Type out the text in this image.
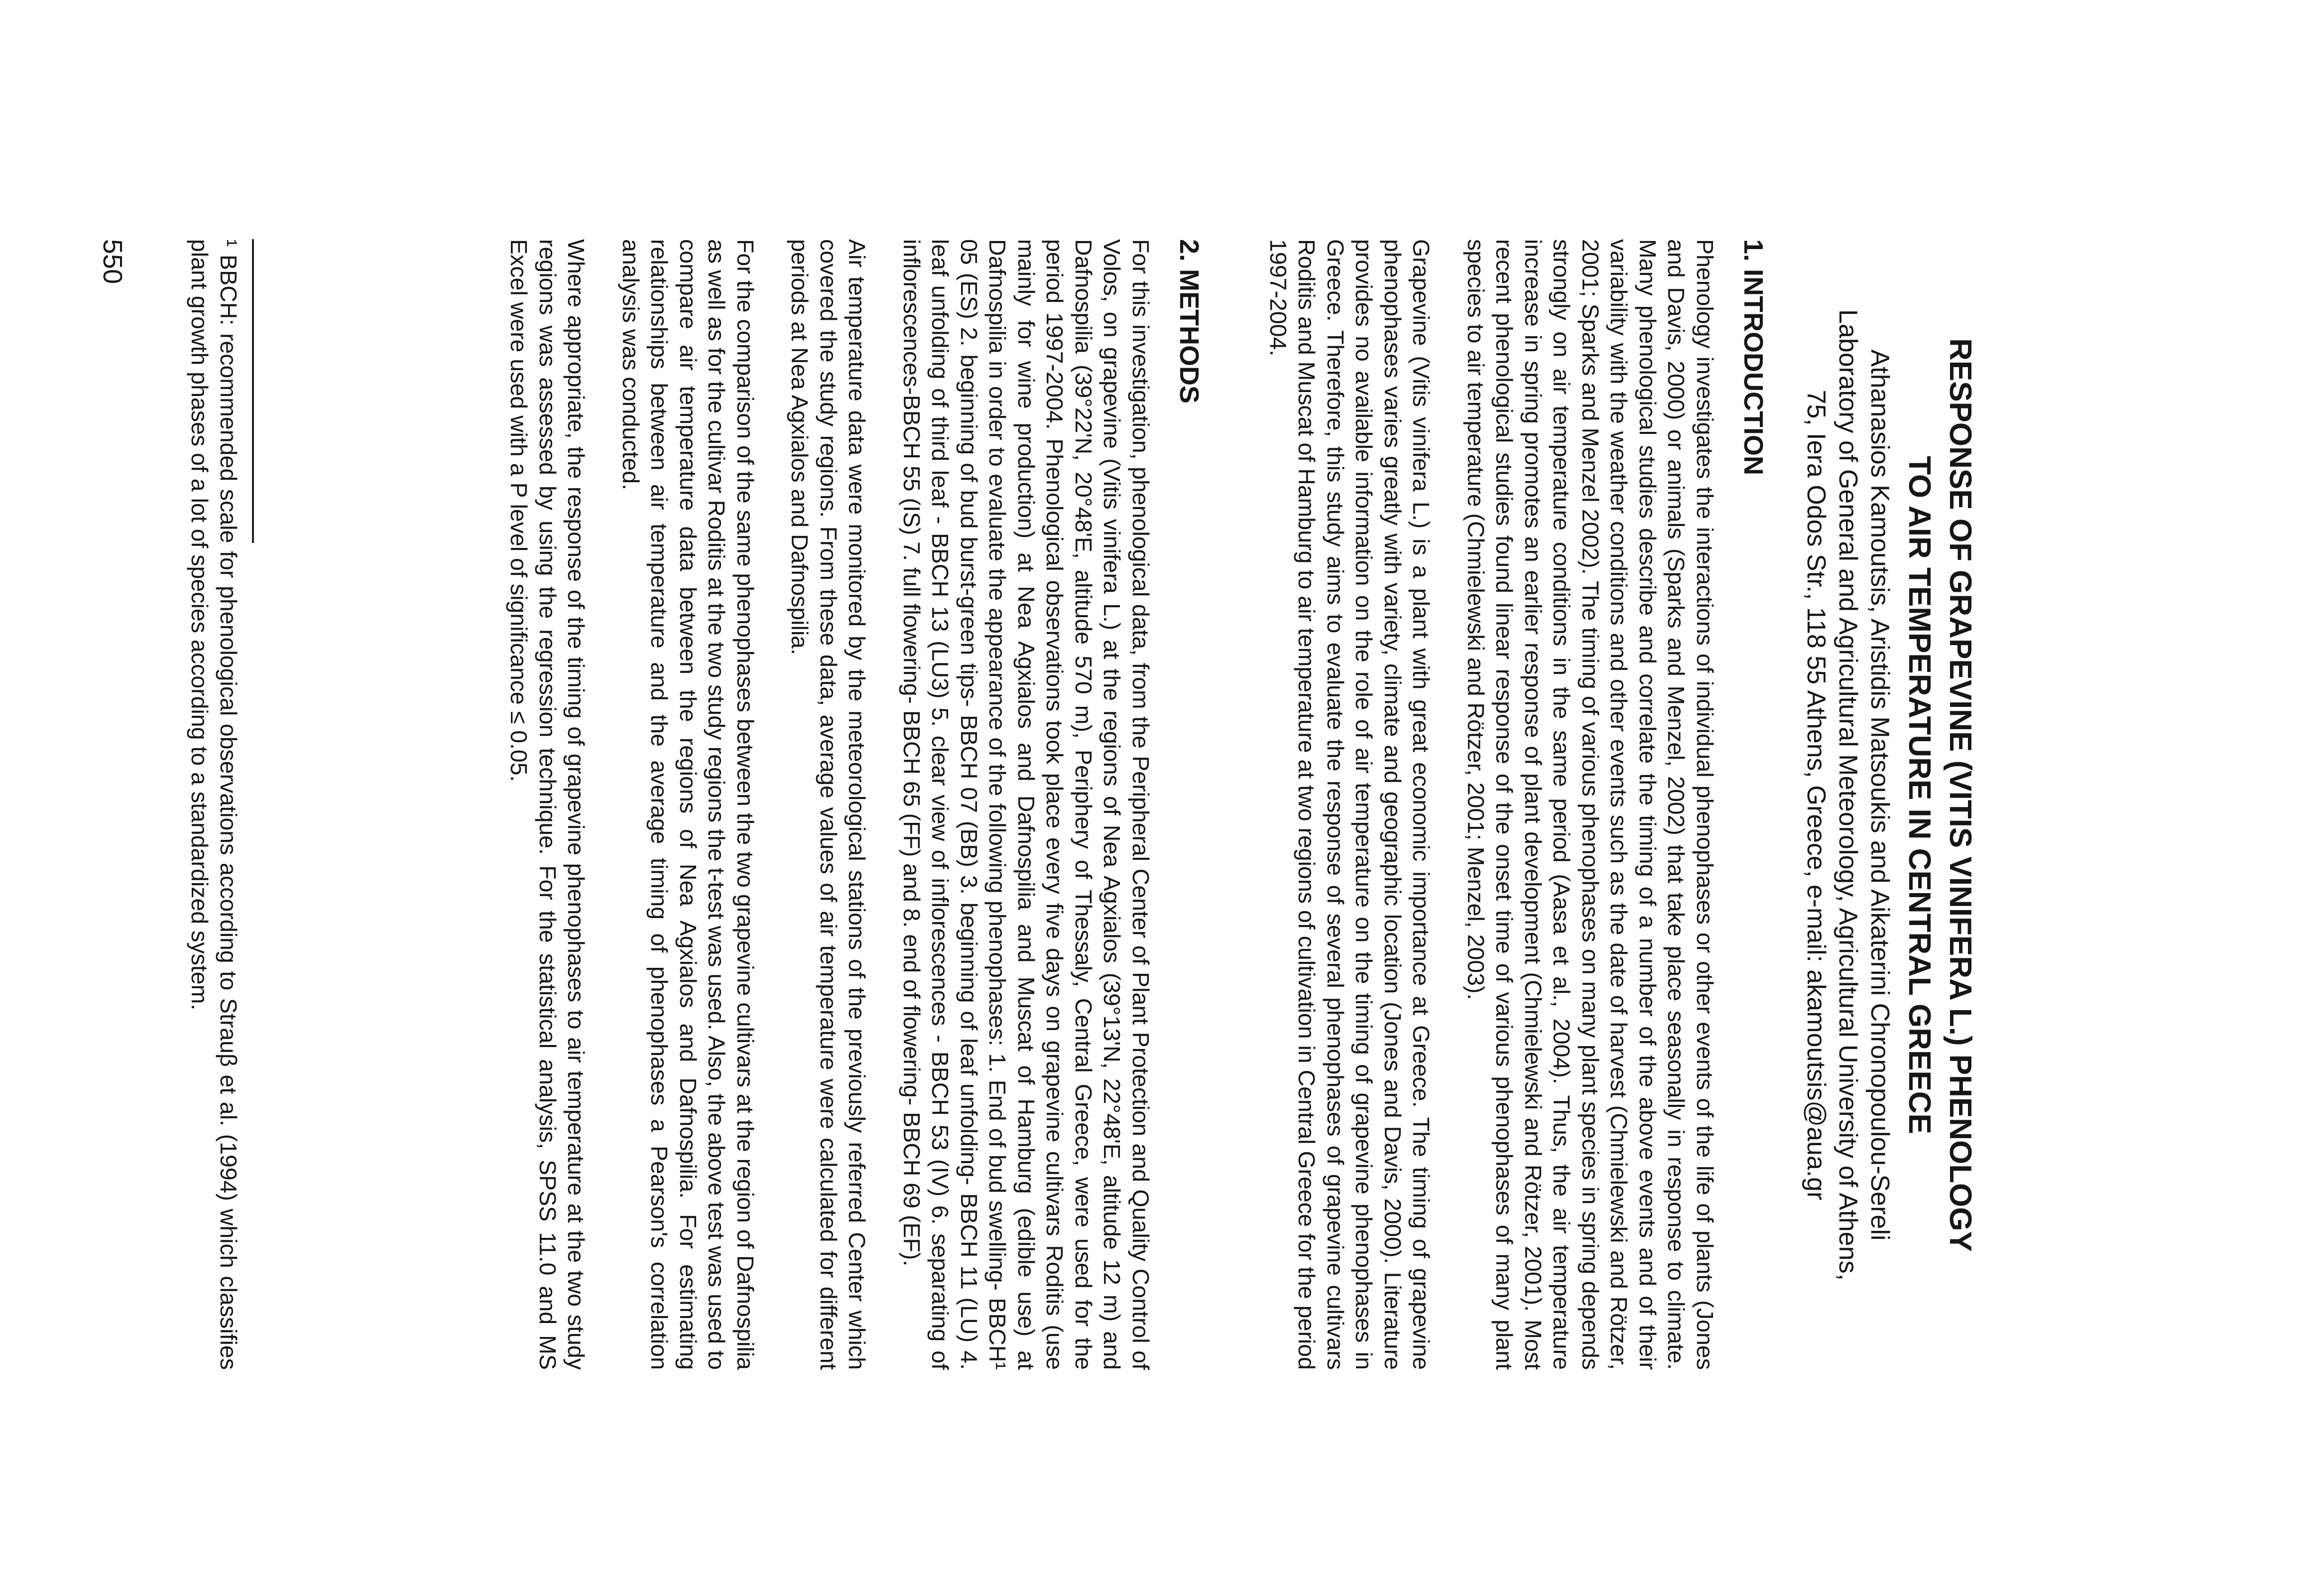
RESPONSE OF GRAPEVINE (VITIS VINIFERA L.) PHENOLOGY
TO AIR TEMPERATURE IN CENTRAL GREECE
Athanasios Kamoutsis, Aristidis Matsoukis and Aikaterini Chronopoulou-Sereli
Laboratory of General and Agricultural Meteorology, Agricultural University of Athens,
75, Iera Odos Str., 118 55 Athens, Greece, e-mail: akamoutsis@aua.gr
1. INTRODUCTION

Phenology investigates the interactions of individual phenophases or other events of the life of plants (Jones and Davis, 2000) or animals (Sparks and Menzel, 2002) that take place seasonally in response to climate. Many phenological studies describe and correlate the timing of a number of the above events and of their variability with the weather conditions and other events such as the date of harvest (Chmielewski and Rötzer, 2001; Sparks and Menzel 2002). The timing of various phenophases on many plant species in spring depends strongly on air temperature conditions in the same period (Aasa et al., 2004). Thus, the air temperature increase in spring promotes an earlier response of plant development (Chmielewski and Rötzer, 2001). Most recent phenological studies found linear response of the onset time of various phenophases of many plant species to air temperature (Chmielewski and Rötzer, 2001; Menzel, 2003).

Grapevine (Vitis vinifera L.) is a plant with great economic importance at Greece. The timing of grapevine phenophases varies greatly with variety, climate and geographic location (Jones and Davis, 2000). Literature provides no available information on the role of air temperature on the timing of grapevine phenophases in Greece. Therefore, this study aims to evaluate the response of several phenophases of grapevine cultivars Roditis and Muscat of Hamburg to air temperature at two regions of cultivation in Central Greece for the period 1997-2004.

2. METHODS

For this investigation, phenological data, from the Peripheral Center of Plant Protection and Quality Control of Volos, on grapevine (Vitis vinifera L.) at the regions of Nea Agxialos (39°13'N, 22°48'E, altitude 12 m) and Dafnospilia (39°22'N, 20°48'E, altitude 570 m), Periphery of Thessaly, Central Greece, were used for the period 1997-2004. Phenological observations took place every five days on grapevine cultivars Roditis (use mainly for wine production) at Nea Agxialos and Dafnospilia and Muscat of Hamburg (edible use) at Dafnospilia in order to evaluate the appearance of the following phenophases: 1. End of bud swelling- BBCH¹ 05 (ES) 2. beginning of bud burst-green tips- BBCH 07 (BB) 3. beginning of leaf unfolding- BBCH 11 (LU) 4. leaf unfolding of third leaf - BBCH 13 (LU3) 5. clear view of inflorescences - BBCH 53 (IV) 6. separating of inflorescences-BBCH 55 (IS) 7. full flowering- BBCH 65 (FF) and 8. end of flowering- BBCH 69 (EF).

Air temperature data were monitored by the meteorological stations of the previously referred Center which covered the study regions. From these data, average values of air temperature were calculated for different periods at Nea Agxialos and Dafnospilia.

For the comparison of the same phenophases between the two grapevine cultivars at the region of Dafnospilia as well as for the cultivar Roditis at the two study regions the t-test was used. Also, the above test was used to compare air temperature data between the regions of Nea Agxialos and Dafnospilia. For estimating relationships between air temperature and the average timing of phenophases a Pearson's correlation analysis was conducted.

Where appropriate, the response of the timing of grapevine phenophases to air temperature at the two study regions was assessed by using the regression technique. For the statistical analysis, SPSS 11.0 and MS Excel were used with a P level of significance ≤ 0.05.

¹ BBCH: recommended scale for phenological observations according to Strauβ et al. (1994) which classifies plant growth phases of a lot of species according to a standardized system.

550
